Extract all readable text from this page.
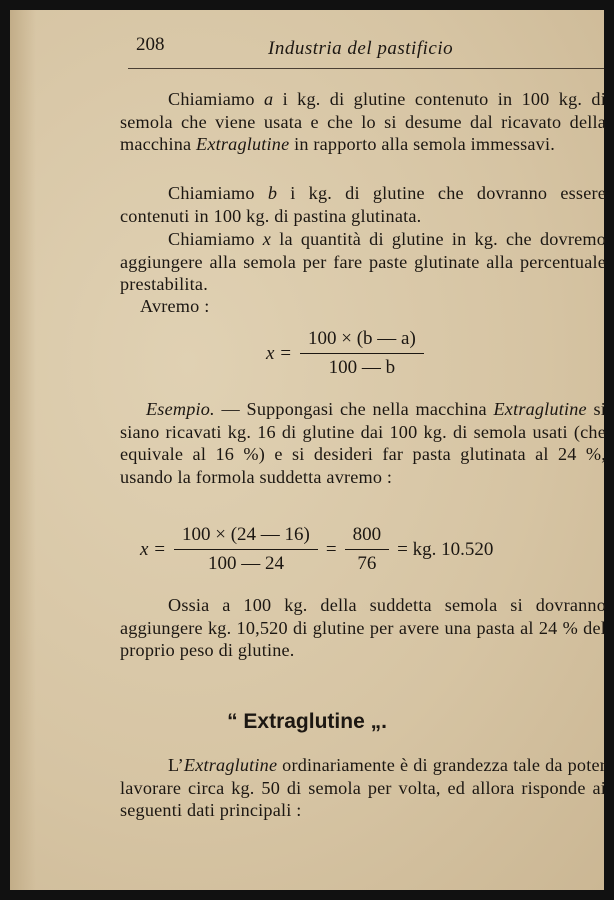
208	Industria del pastificio
Chiamiamo a i kg. di glutine contenuto in 100 kg. di semola che viene usata e che lo si desume dal ricavato della macchina Extraglutine in rapporto alla semola immessavi.
Chiamiamo b i kg. di glutine che dovranno essere contenuti in 100 kg. di pastina glutinata.
Chiamiamo x la quantità di glutine in kg. che dovremo aggiungere alla semola per fare paste glutinate alla percentuale prestabilita.
Avremo :
$x = \frac{100 \times (b — a)}{100 — b}$
Esempio. — Suppongasi che nella macchina Extraglutine si siano ricavati kg. 16 di glutine dai 100 kg. di semola usati (che equivale al 16 %) e si desideri far pasta glutinata al 24 %, usando la formola suddetta avremo :
$x = \frac{100 \times (24 — 16)}{100 — 24} = \frac{800}{76}$ = kg. 10.520
Ossia a 100 kg. della suddetta semola si dovranno aggiungere kg. 10,520 di glutine per avere una pasta al 24 % del proprio peso di glutine.
“ Extraglutine „.
L’Extraglutine ordinariamente è di grandezza tale da poter lavorare circa kg. 50 di semola per volta, ed allora risponde ai seguenti dati principali :
